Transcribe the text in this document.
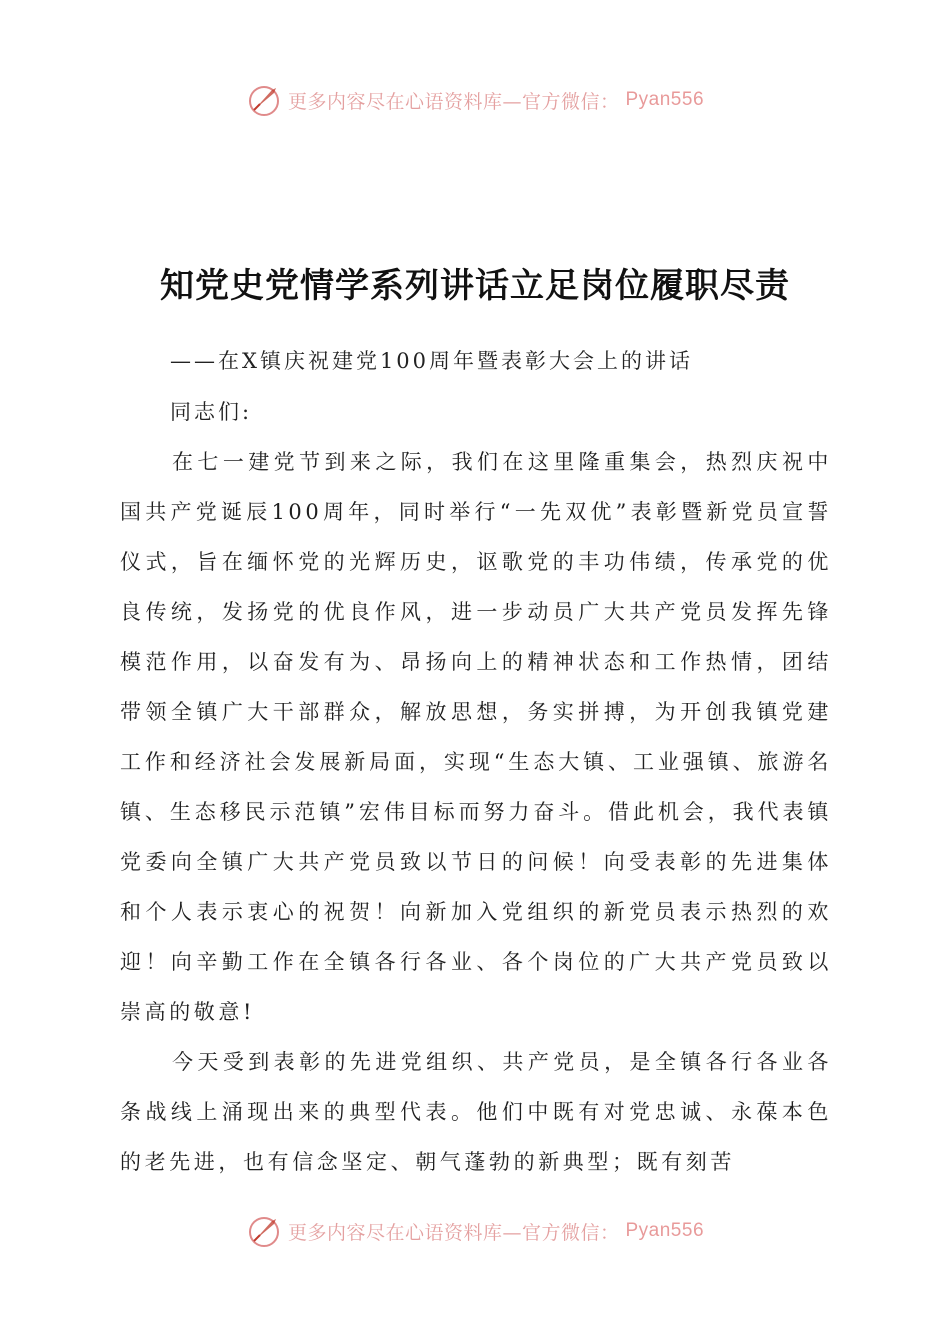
更多内容尽在心语资料库—官方微信： Pyan556
知党史党情学系列讲话立足岗位履职尽责
——在X镇庆祝建党100周年暨表彰大会上的讲话
同志们:

在七一建党节到来之际，我们在这里隆重集会，热烈庆祝中国共产党诞辰100周年，同时举行“一先双优”表彰暨新党员宣誓仪式，旨在缅怀党的光辉历史，讴歌党的丰功伟绩，传承党的优良传统，发扬党的优良作风，进一步动员广大共产党员发挥先锋模范作用，以奋发有为、昂扬向上的精神状态和工作热情，团结带领全镇广大干部群众，解放思想，务实拼搏，为开创我镇党建工作和经济社会发展新局面，实现“生态大镇、工业强镇、旅游名镇、生态移民示范镇”宏伟目标而努力奋斗。借此机会，我代表镇党委向全镇广大共产党员致以节日的问候！向受表彰的先进集体和个人表示衷心的祝贺！向新加入党组织的新党员表示热烈的欢迎！向辛勤工作在全镇各行各业、各个岗位的广大共产党员致以崇高的敬意!

今天受到表彰的先进党组织、共产党员，是全镇各行各业各条战线上涌现出来的典型代表。他们中既有对党忠诚、永葆本色的老先进，也有信念坚定、朝气蓬勃的新典型；既有刻苦

更多内容尽在心语资料库—官方微信： Pyan556
